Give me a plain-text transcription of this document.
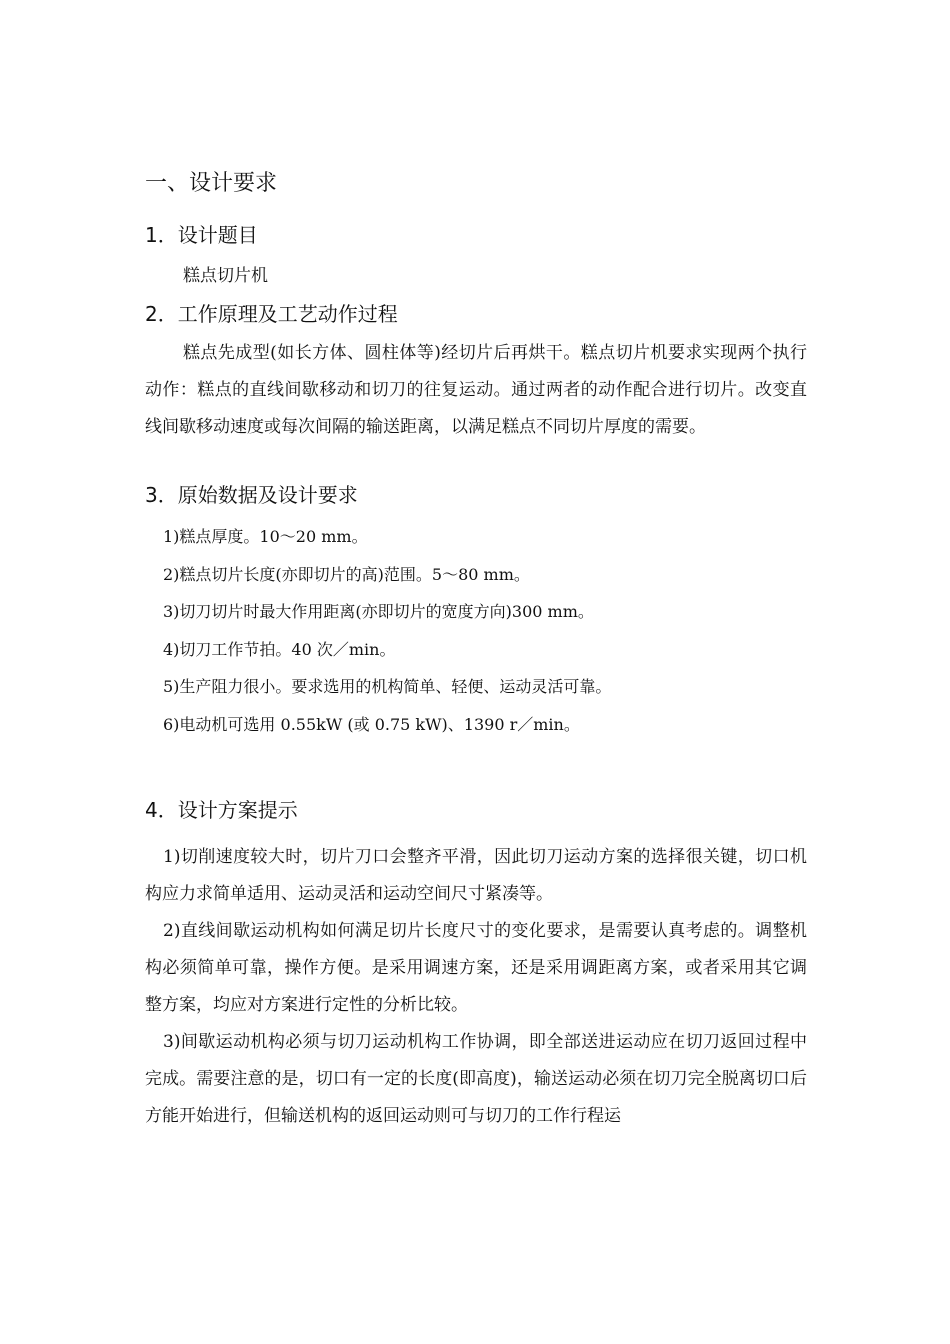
一、设计要求
1．设计题目

糕点切片机

2．工作原理及工艺动作过程

糕点先成型(如长方体、圆柱体等)经切片后再烘干。糕点切片机要求实现两个执行动作：糕点的直线间歇移动和切刀的往复运动。通过两者的动作配合进行切片。改变直线间歇移动速度或每次间隔的输送距离，以满足糕点不同切片厚度的需要。

3．原始数据及设计要求

1)糕点厚度。10～20 mm。

2)糕点切片长度(亦即切片的高)范围。5～80 mm。

3)切刀切片时最大作用距离(亦即切片的宽度方向)300 mm。

4)切刀工作节拍。40 次／min。

5)生产阻力很小。要求选用的机构简单、轻便、运动灵活可靠。

6)电动机可选用 0.55kW (或 0.75 kW)、1390 r／min。

4．设计方案提示

1)切削速度较大时，切片刀口会整齐平滑，因此切刀运动方案的选择很关键，切口机构应力求简单适用、运动灵活和运动空间尺寸紧凑等。

2)直线间歇运动机构如何满足切片长度尺寸的变化要求，是需要认真考虑的。调整机构必须简单可靠，操作方便。是采用调速方案，还是采用调距离方案，或者采用其它调整方案，均应对方案进行定性的分析比较。

3)间歇运动机构必须与切刀运动机构工作协调，即全部送进运动应在切刀返回过程中完成。需要注意的是，切口有一定的长度(即高度)，输送运动必须在切刀完全脱离切口后方能开始进行，但输送机构的返回运动则可与切刀的工作行程运
